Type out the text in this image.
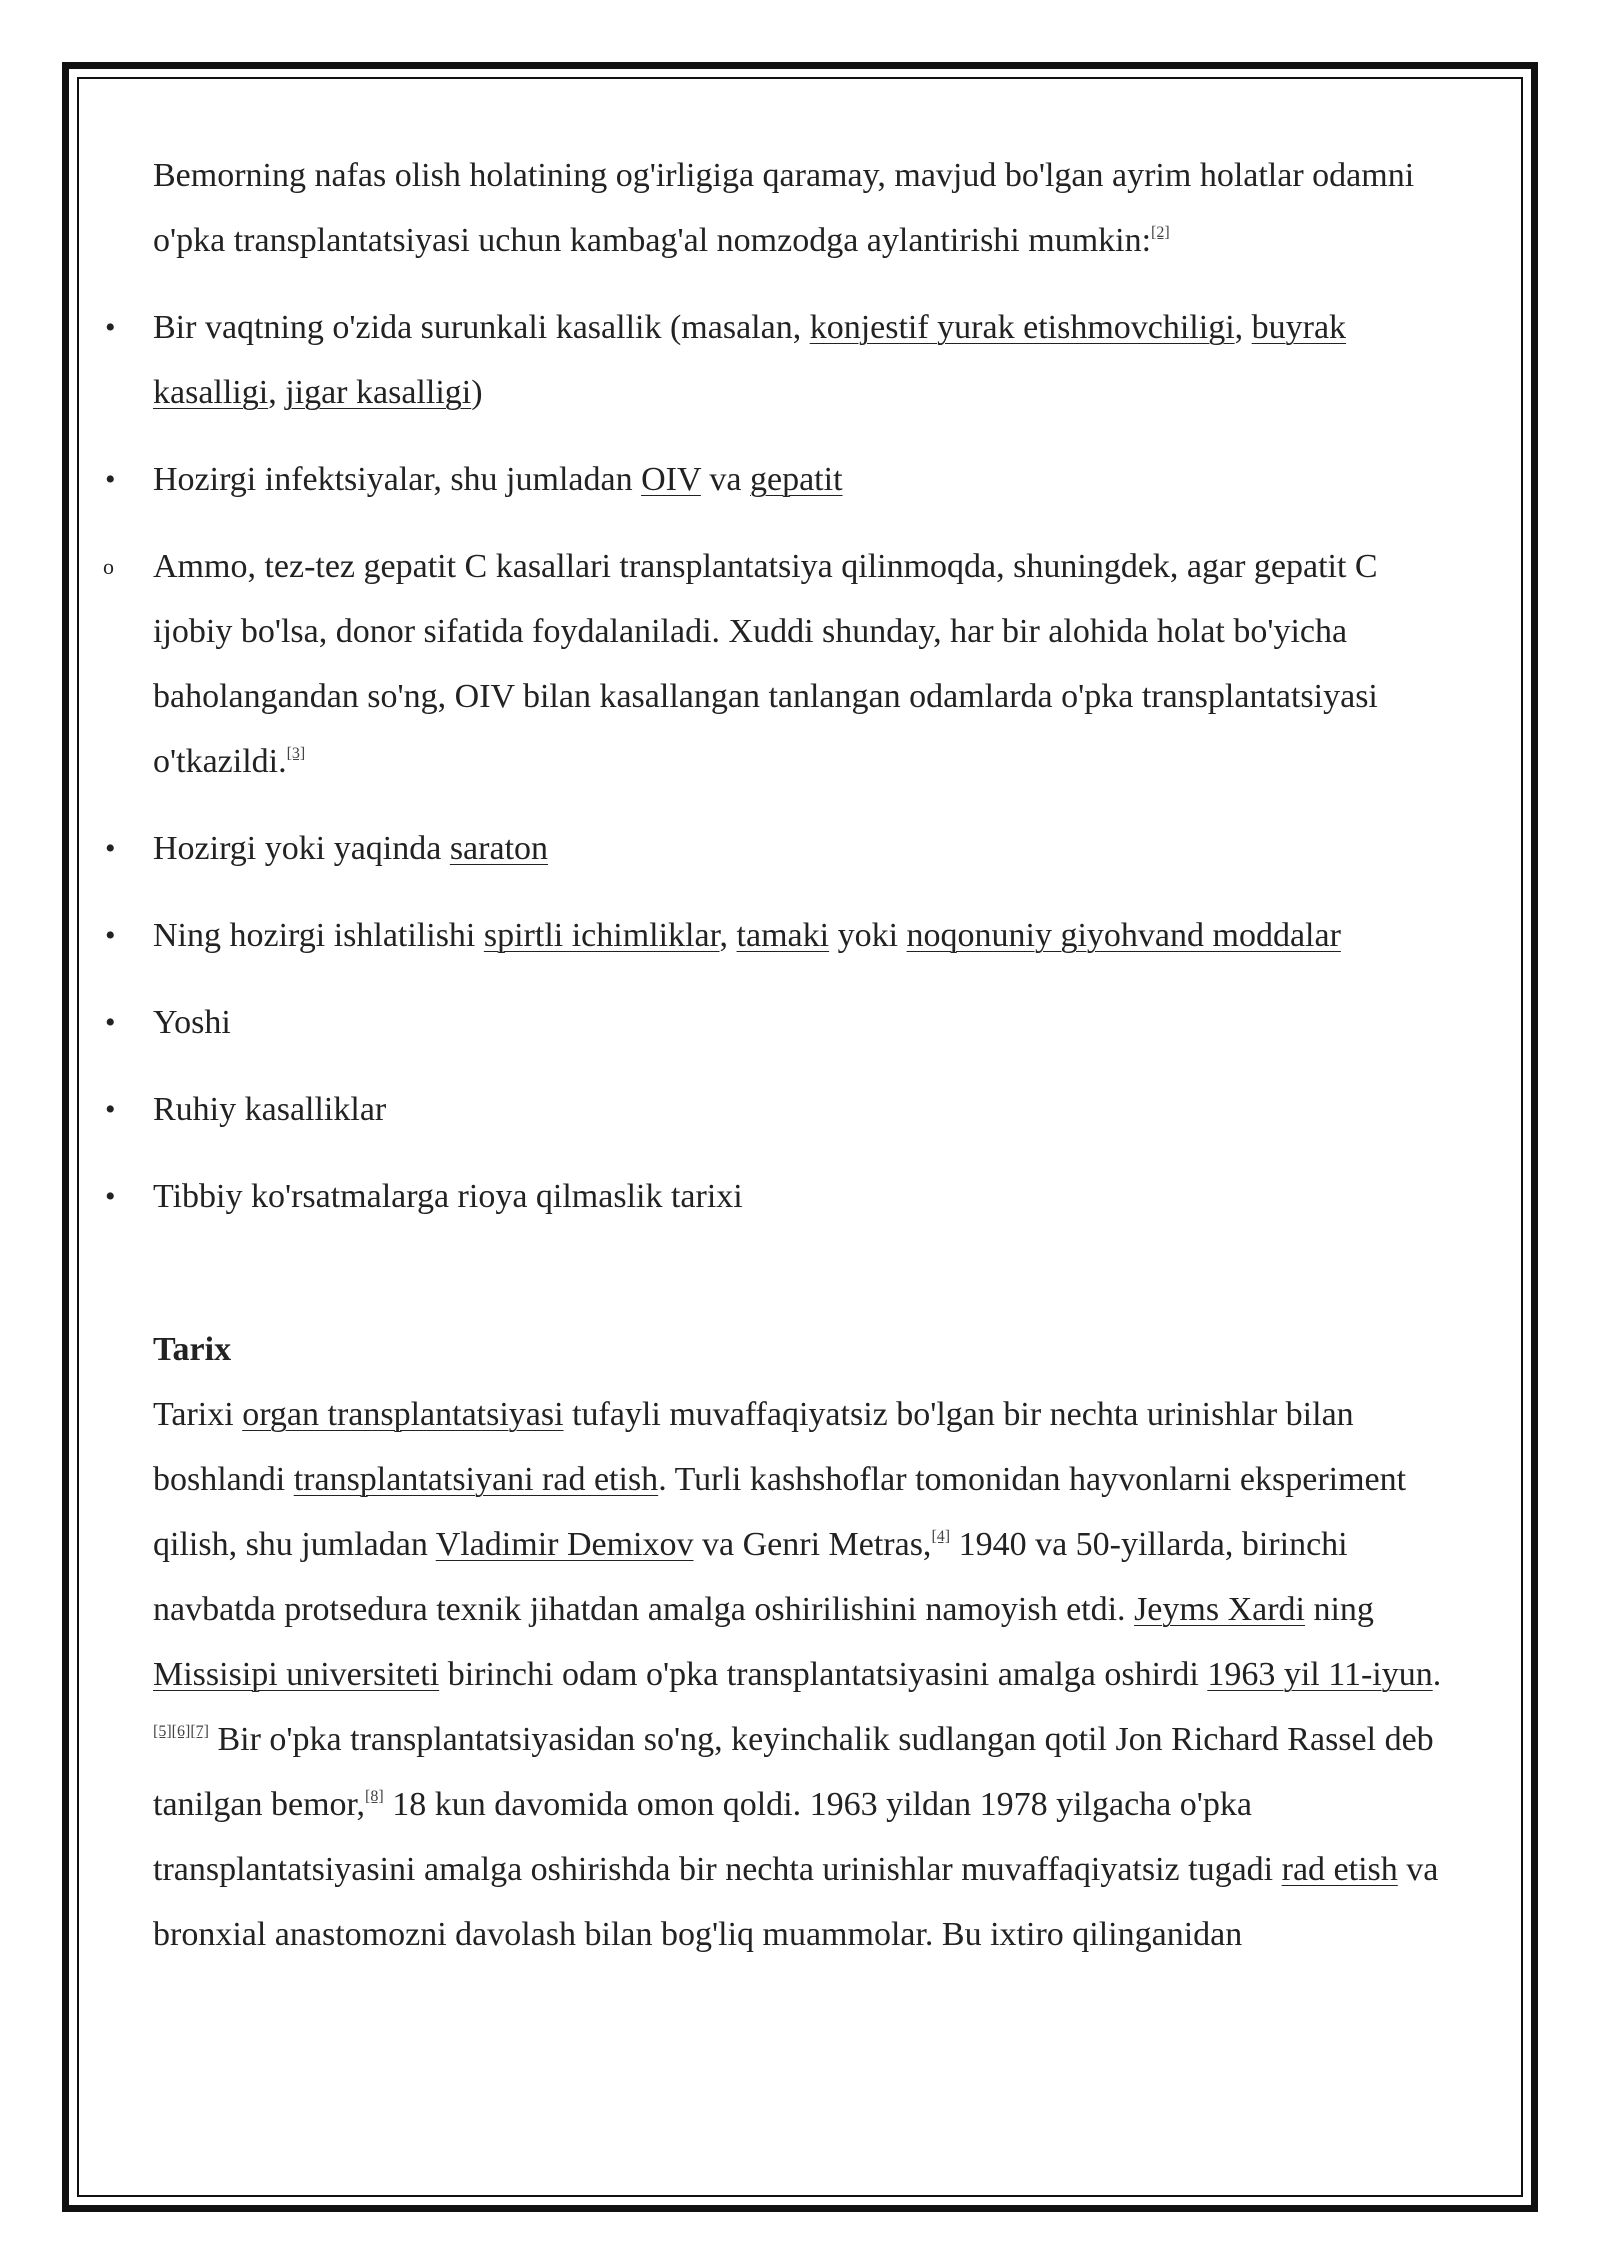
Bemorning nafas olish holatining og'irligiga qaramay, mavjud bo'lgan ayrim holatlar odamni o'pka transplantatsiyasi uchun kambag'al nomzodga aylantirishi mumkin:[2]

• Bir vaqtning o'zida surunkali kasallik (masalan, konjestif yurak etishmovchiligi, buyrak kasalligi, jigar kasalligi)
• Hozirgi infektsiyalar, shu jumladan OIV va gepatit
o Ammo, tez-tez gepatit C kasallari transplantatsiya qilinmoqda, shuningdek, agar gepatit C ijobiy bo'lsa, donor sifatida foydalaniladi. Xuddi shunday, har bir alohida holat bo'yicha baholangandan so'ng, OIV bilan kasallangan tanlangan odamlarda o'pka transplantatsiyasi o'tkazildi.[3]
• Hozirgi yoki yaqinda saraton
• Ning hozirgi ishlatilishi spirtli ichimliklar, tamaki yoki noqonuniy giyohvand moddalar
• Yoshi
• Ruhiy kasalliklar
• Tibbiy ko'rsatmalarga rioya qilmaslik tarixi

Tarix

Tarixi organ transplantatsiyasi tufayli muvaffaqiyatsiz bo'lgan bir nechta urinishlar bilan boshlandi transplantatsiyani rad etish. Turli kashshoflar tomonidan hayvonlarni eksperiment qilish, shu jumladan Vladimir Demixov va Genri Metras,[4] 1940 va 50-yillarda, birinchi navbatda protsedura texnik jihatdan amalga oshirilishini namoyish etdi. Jeyms Xardi ning Missisipi universiteti birinchi odam o'pka transplantatsiyasini amalga oshirdi 1963 yil 11-iyun.[5][6][7] Bir o'pka transplantatsiyasidan so'ng, keyinchalik sudlangan qotil Jon Richard Rassel deb tanilgan bemor,[8] 18 kun davomida omon qoldi. 1963 yildan 1978 yilgacha o'pka transplantatsiyasini amalga oshirishda bir nechta urinishlar muvaffaqiyatsiz tugadi rad etish va bronxial anastomozni davolash bilan bog'liq muammolar. Bu ixtiro qilinganidan
